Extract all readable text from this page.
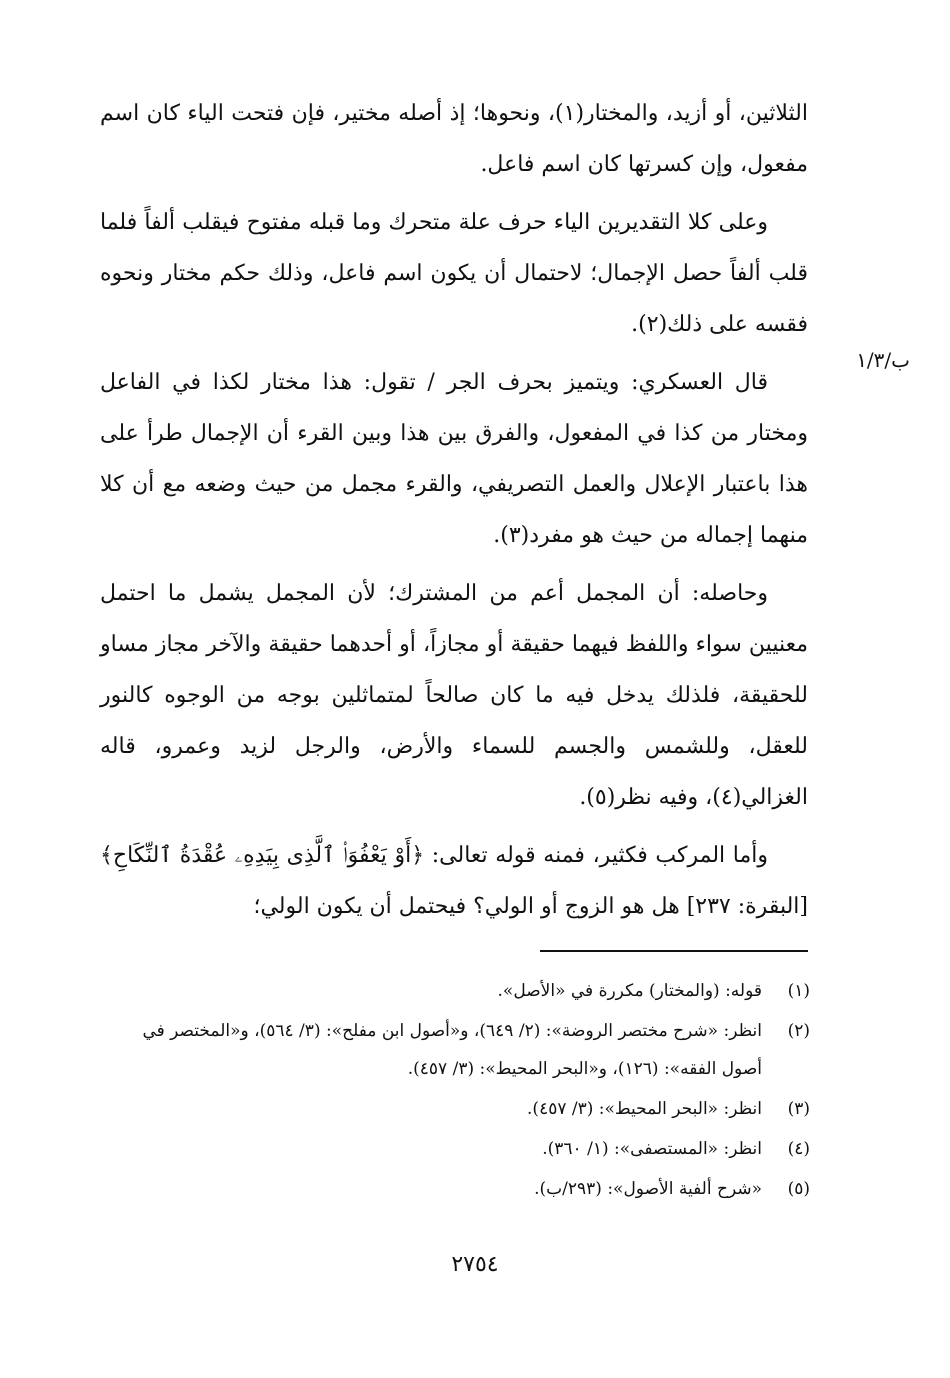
الثلاثين، أو أزيد، والمختار(١)، ونحوها؛ إذ أصله مختير، فإن فتحت الياء كان اسم مفعول، وإن كسرتها كان اسم فاعل.

وعلى كلا التقديرين الياء حرف علة متحرك وما قبله مفتوح فيقلب ألفاً فلما قلب ألفاً حصل الإجمال؛ لاحتمال أن يكون اسم فاعل، وذلك حكم مختار ونحوه فقسه على ذلك(٢).

قال العسكري: ويتميز بحرف الجر / تقول: هذا مختار لكذا في الفاعل ومختار من كذا في المفعول، والفرق بين هذا وبين القرء أن الإجمال طرأ على هذا باعتبار الإعلال والعمل التصريفي، والقرء مجمل من حيث وضعه مع أن كلا منهما إجماله من حيث هو مفرد(٣).

وحاصله: أن المجمل أعم من المشترك؛ لأن المجمل يشمل ما احتمل معنيين سواء واللفظ فيهما حقيقة أو مجازاً، أو أحدهما حقيقة والآخر مجاز مساو للحقيقة، فلذلك يدخل فيه ما كان صالحاً لمتماثلين بوجه من الوجوه كالنور للعقل، وللشمس والجسم للسماء والأرض، والرجل لزيد وعمرو، قاله الغزالي(٤)، وفيه نظر(٥).

وأما المركب فكثير، فمنه قوله تعالى: ﴿أَوْ يَعْفُوَا۟ ٱلَّذِى بِيَدِهِۦ عُقْدَةُ ٱلنِّكَاحِ﴾ [البقرة: ٢٣٧] هل هو الزوج أو الولي؟ فيحتمل أن يكون الولي؛

ب/١/٣
(١)
قوله: (والمختار) مكررة في «الأصل».
(٢)
انظر: «شرح مختصر الروضة»: (٢/ ٦٤٩)، و«أصول ابن مفلح»: (٣/ ٥٦٤)، و«المختصر في أصول الفقه»: (١٢٦)، و«البحر المحيط»: (٣/ ٤٥٧).
(٣)
انظر: «البحر المحيط»: (٣/ ٤٥٧).
(٤)
انظر: «المستصفى»: (١/ ٣٦٠).
(٥)
«شرح ألفية الأصول»: (٢٩٣/ب).
٢٧٥٤
